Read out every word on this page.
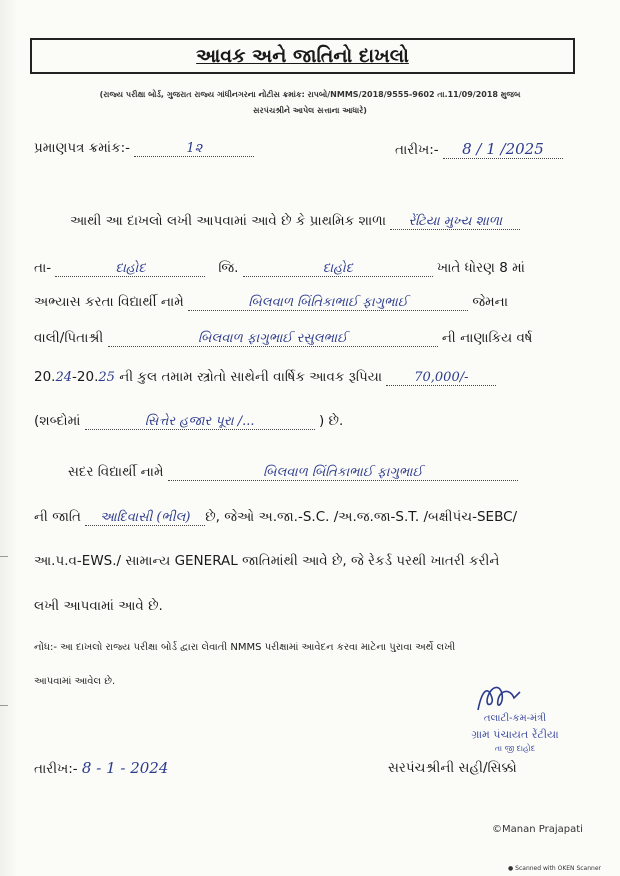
આવક અને જાતિનો દાખલો
(રાજ્ય પરીક્ષા બોર્ડ, ગુજરાત રાજ્ય ગાંધીનગરના નોટીસ ક્રમાંક: રાપબો/NMMS/2018/9555-9602 તા.11/09/2018 મુજબ
સરપંચશ્રીને આપેલ સત્તાના આધારે)
પ્રમાણપત્ર ક્રમાંક:-	1૨	તારીખ:- 8 / 1 /2025
આથી આ દાખલો લખી આપવામાં આવે છે કે પ્રાથમિક શાળા રેંટિયા મુખ્ય શાળા
તા-	દાહોદ	જિ.	દાહોદ	ખાતે ધોરણ 8 માં
અભ્યાસ કરતા વિદ્યાર્થી નામે	બિલવાળ બિંતિકાભાઈ ફાગુભાઈ	જેમના
વાલી/પિતાશ્રી	બિલવાળ ફાગુભાઈ રસુલભાઈ	ની નાણાકિય વર્ષ
20.24-20.25 ની કુલ તમામ સ્ત્રોતો સાથેની વાર્ષિક આવક રૂપિયા 70,000/-
(શબ્દોમાં	સિત્તેર હજાર પૂરા /...	) છે.
સદર વિદ્યાર્થી નામે	બિલવાળ બિંતિકાભાઈ ફાગુભાઈ
ની જાતિ આદિવાસી (ભીલ) છે, જેઓ અ.જા.-S.C. /અ.જ.જા-S.T. /બક્ષીપંચ-SEBC/
આ.પ.વ-EWS./ સામાન્ય GENERAL જાતિમાંથી આવે છે, જે રેકર્ડ પરથી ખાતરી કરીને
લખી આપવામાં આવે છે.
નોંધ:- આ દાખલો રાજ્ય પરીક્ષા બોર્ડ દ્વારા લેવાતી NMMS પરીક્ષામાં આવેદન કરવા માટેના પુરાવા અર્થે લખી
આપવામાં આવેલ છે.
તલાટી-કમ-મંત્રી
ગ્રામ પંચાયત રેંટીયા
તા જી દાહોદ
તારીખ:- 8 - 1 - 2024	સરપંચશ્રીની સહી/સિક્કો
©Manan Prajapati
● Scanned with OKEN Scanner
